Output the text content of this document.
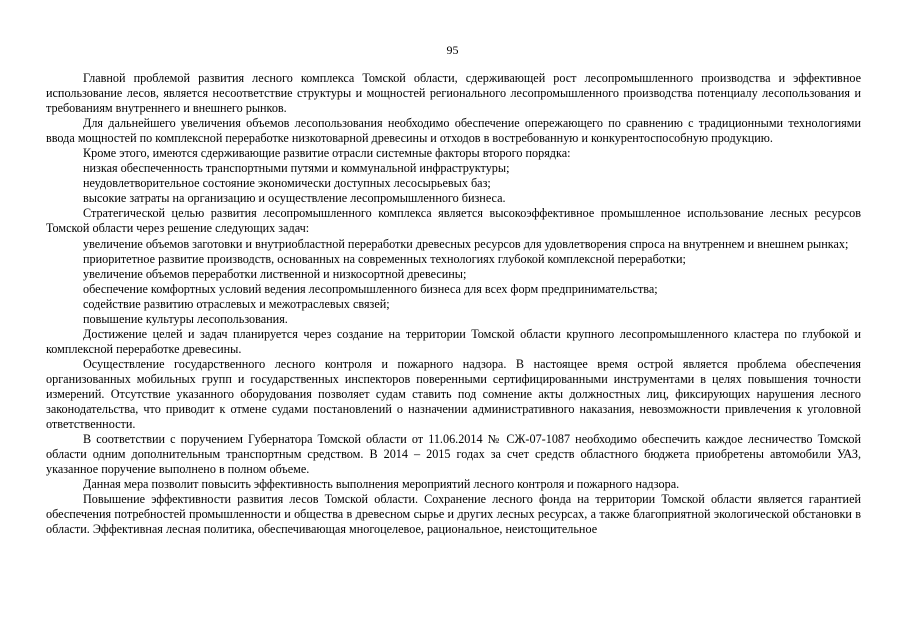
95

Главной проблемой развития лесного комплекса Томской области, сдерживающей рост лесопромышленного производства и эффективное использование лесов, является несоответствие структуры и мощностей регионального лесопромышленного производства потенциалу лесопользования и требованиям внутреннего и внешнего рынков.

Для дальнейшего увеличения объемов лесопользования необходимо обеспечение опережающего по сравнению с традиционными технологиями ввода мощностей по комплексной переработке низкотоварной древесины и отходов в востребованную и конкурентоспособную продукцию.

Кроме этого, имеются сдерживающие развитие отрасли системные факторы второго порядка:

низкая обеспеченность транспортными путями и коммунальной инфраструктуры;

неудовлетворительное состояние экономически доступных лесосырьевых баз;

высокие затраты на организацию и осуществление лесопромышленного бизнеса.

Стратегической целью развития лесопромышленного комплекса является высокоэффективное промышленное использование лесных ресурсов Томской области через решение следующих задач:

увеличение объемов заготовки и внутриобластной переработки древесных ресурсов для удовлетворения спроса на внутреннем и внешнем рынках;

приоритетное развитие производств, основанных на современных технологиях глубокой комплексной переработки;

увеличение объемов переработки лиственной и низкосортной древесины;

обеспечение комфортных условий ведения лесопромышленного бизнеса для всех форм предпринимательства;

содействие развитию отраслевых и межотраслевых связей;

повышение культуры лесопользования.

Достижение целей и задач планируется через создание на территории Томской области крупного лесопромышленного кластера по глубокой и комплексной переработке древесины.

Осуществление государственного лесного контроля и пожарного надзора. В настоящее время острой является проблема обеспечения организованных мобильных групп и государственных инспекторов поверенными сертифицированными инструментами в целях повышения точности измерений. Отсутствие указанного оборудования позволяет судам ставить под сомнение акты должностных лиц, фиксирующих нарушения лесного законодательства, что приводит к отмене судами постановлений о назначении административного наказания, невозможности привлечения к уголовной ответственности.

В соответствии с поручением Губернатора Томской области от 11.06.2014 № СЖ-07-1087 необходимо обеспечить каждое лесничество Томской области одним дополнительным транспортным средством. В 2014 – 2015 годах за счет средств областного бюджета приобретены автомобили УАЗ, указанное поручение выполнено в полном объеме.

Данная мера позволит повысить эффективность выполнения мероприятий лесного контроля и пожарного надзора.

Повышение эффективности развития лесов Томской области. Сохранение лесного фонда на территории Томской области является гарантией обеспечения потребностей промышленности и общества в древесном сырье и других лесных ресурсах, а также благоприятной экологической обстановки в области. Эффективная лесная политика, обеспечивающая многоцелевое, рациональное, неистощительное
